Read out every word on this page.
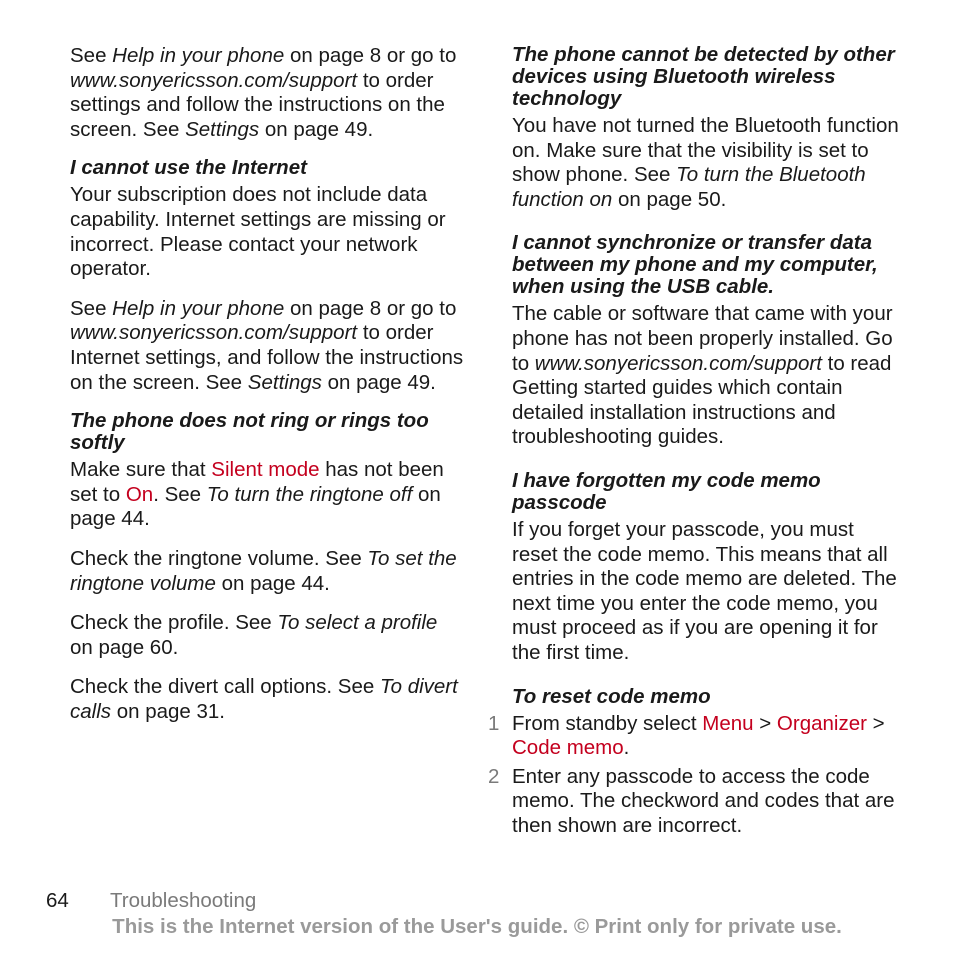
See Help in your phone on page 8 or go to www.sonyericsson.com/support to order settings and follow the instructions on the screen. See Settings on page 49.

I cannot use the Internet

Your subscription does not include data capability. Internet settings are missing or incorrect. Please contact your network operator.

See Help in your phone on page 8 or go to www.sonyericsson.com/support to order Internet settings, and follow the instructions on the screen. See Settings on page 49.

The phone does not ring or rings too softly

Make sure that Silent mode has not been set to On. See To turn the ringtone off on page 44.

Check the ringtone volume. See To set the ringtone volume on page 44.

Check the profile. See To select a profile on page 60.

Check the divert call options. See To divert calls on page 31.

The phone cannot be detected by other devices using Bluetooth wireless technology

You have not turned the Bluetooth function on. Make sure that the visibility is set to show phone. See To turn the Bluetooth function on on page 50.

I cannot synchronize or transfer data between my phone and my computer, when using the USB cable.

The cable or software that came with your phone has not been properly installed. Go to www.sonyericsson.com/support to read Getting started guides which contain detailed installation instructions and troubleshooting guides.

I have forgotten my code memo passcode

If you forget your passcode, you must reset the code memo. This means that all entries in the code memo are deleted. The next time you enter the code memo, you must proceed as if you are opening it for the first time.

To reset code memo
1 From standby select Menu > Organizer > Code memo.

2 Enter any passcode to access the code memo. The checkword and codes that are then shown are incorrect.

64 Troubleshooting
This is the Internet version of the User's guide. © Print only for private use.
